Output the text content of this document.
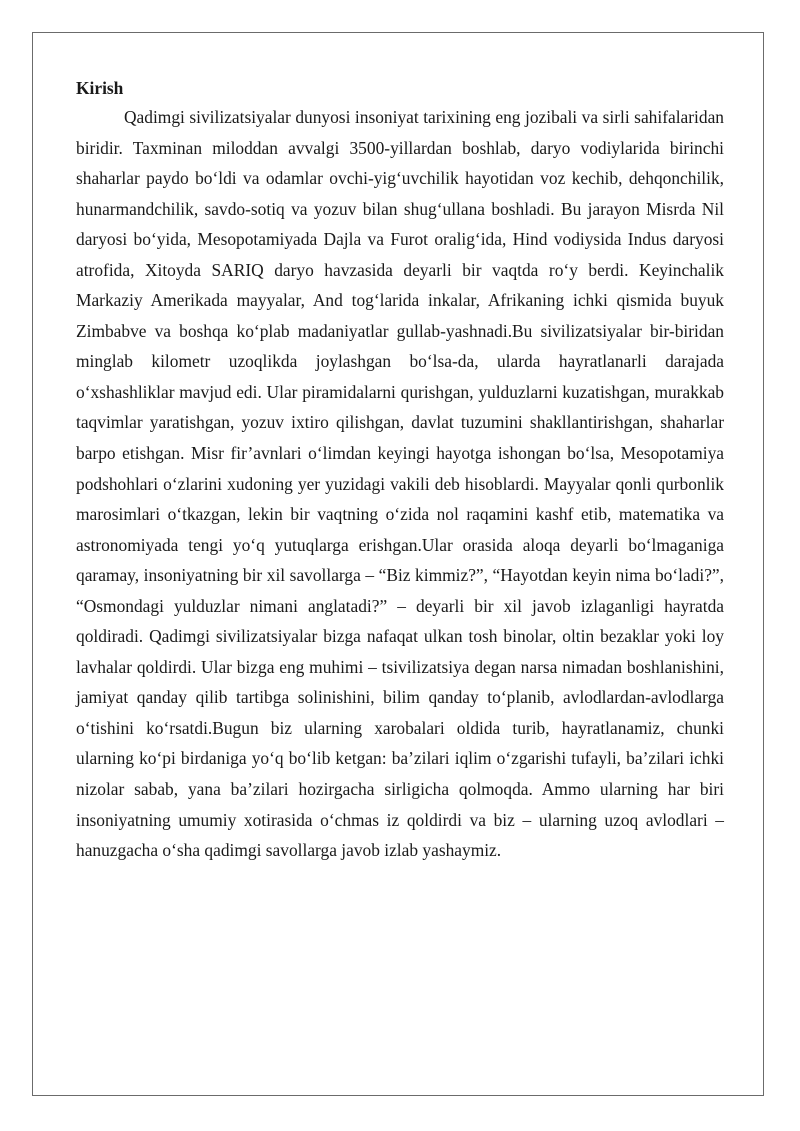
Kirish

Qadimgi sivilizatsiyalar dunyosi insoniyat tarixining eng jozibali va sirli sahifalaridan biridir. Taxminan miloddan avvalgi 3500-yillardan boshlab, daryo vodiylarida birinchi shaharlar paydo bo‘ldi va odamlar ovchi-yig‘uvchilik hayotidan voz kechib, dehqonchilik, hunarmandchilik, savdo-sotiq va yozuv bilan shug‘ullana boshladi. Bu jarayon Misrda Nil daryosi bo‘yida, Mesopotamiyada Dajla va Furot oralig‘ida, Hind vodiysida Indus daryosi atrofida, Xitoyda SARIQ daryo havzasida deyarli bir vaqtda ro‘y berdi. Keyinchalik Markaziy Amerikada mayyalar, And tog‘larida inkalar, Afrikaning ichki qismida buyuk Zimbabve va boshqa ko‘plab madaniyatlar gullab-yashnadi.Bu sivilizatsiyalar bir-biridan minglab kilometr uzoqlikda joylashgan bo‘lsa-da, ularda hayratlanarli darajada o‘xshashliklar mavjud edi. Ular piramidalarni qurishgan, yulduzlarni kuzatishgan, murakkab taqvimlar yaratishgan, yozuv ixtiro qilishgan, davlat tuzumini shakllantirishgan, shaharlar barpo etishgan. Misr fir’avnlari o‘limdan keyingi hayotga ishongan bo‘lsa, Mesopotamiya podshohlari o‘zlarini xudoning yer yuzidagi vakili deb hisoblardi. Mayyalar qonli qurbonlik marosimlari o‘tkazgan, lekin bir vaqtning o‘zida nol raqamini kashf etib, matematika va astronomiyada tengi yo‘q yutuqlarga erishgan.Ular orasida aloqa deyarli bo‘lmaganiga qaramay, insoniyatning bir xil savollarga – “Biz kimmiz?”, “Hayotdan keyin nima bo‘ladi?”, “Osmondagi yulduzlar nimani anglatadi?” – deyarli bir xil javob izlaganligi hayratda qoldiradi. Qadimgi sivilizatsiyalar bizga nafaqat ulkan tosh binolar, oltin bezaklar yoki loy lavhalar qoldirdi. Ular bizga eng muhimi – tsivilizatsiya degan narsa nimadan boshlanishini, jamiyat qanday qilib tartibga solinishini, bilim qanday to‘planib, avlodlardan-avlodlarga o‘tishini ko‘rsatdi.Bugun biz ularning xarobalari oldida turib, hayratlanamiz, chunki ularning ko‘pi birdaniga yo‘q bo‘lib ketgan: ba’zilari iqlim o‘zgarishi tufayli, ba’zilari ichki nizolar sabab, yana ba’zilari hozirgacha sirligicha qolmoqda. Ammo ularning har biri insoniyatning umumiy xotirasida o‘chmas iz qoldirdi va biz – ularning uzoq avlodlari – hanuzgacha o‘sha qadimgi savollarga javob izlab yashaymiz.
